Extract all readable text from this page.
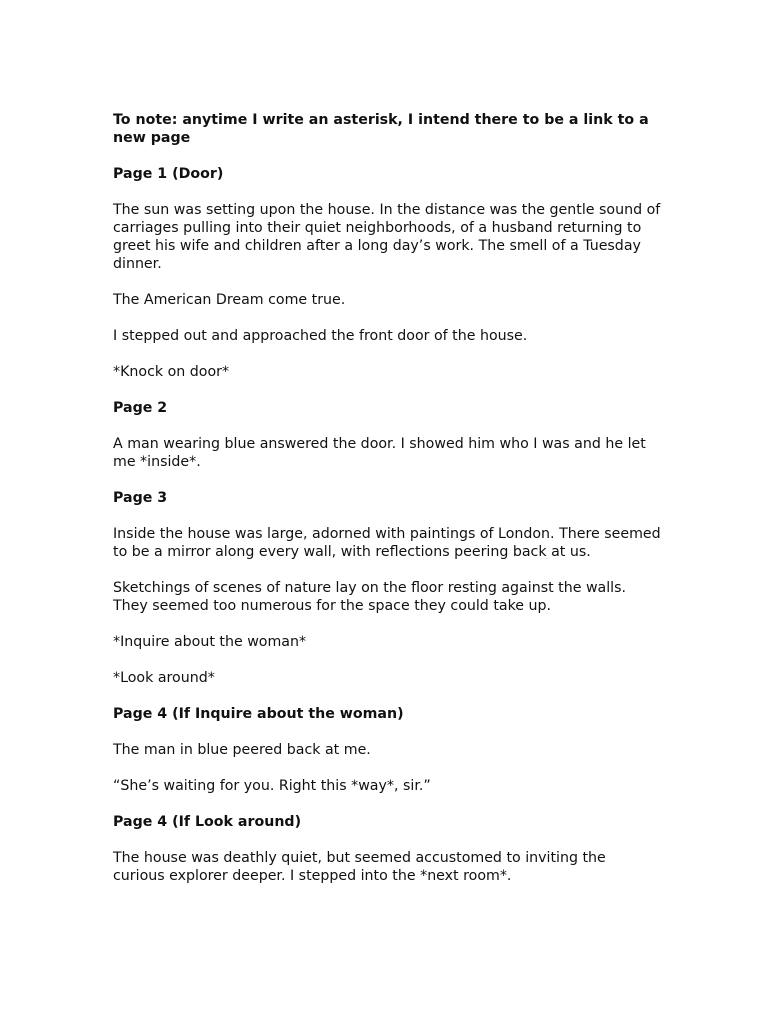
To note: anytime I write an asterisk, I intend there to be a link to a new page

Page 1 (Door)

The sun was setting upon the house. In the distance was the gentle sound of carriages pulling into their quiet neighborhoods, of a husband returning to greet his wife and children after a long day’s work. The smell of a Tuesday dinner.

The American Dream come true.

I stepped out and approached the front door of the house.

*Knock on door*

Page 2

A man wearing blue answered the door. I showed him who I was and he let me *inside*.

Page 3

Inside the house was large, adorned with paintings of London. There seemed to be a mirror along every wall, with reflections peering back at us.

Sketchings of scenes of nature lay on the floor resting against the walls. They seemed too numerous for the space they could take up.

*Inquire about the woman*

*Look around*

Page 4 (If Inquire about the woman)

The man in blue peered back at me.

“She’s waiting for you. Right this *way*, sir.”

Page 4 (If Look around)

The house was deathly quiet, but seemed accustomed to inviting the curious explorer deeper. I stepped into the *next room*.
